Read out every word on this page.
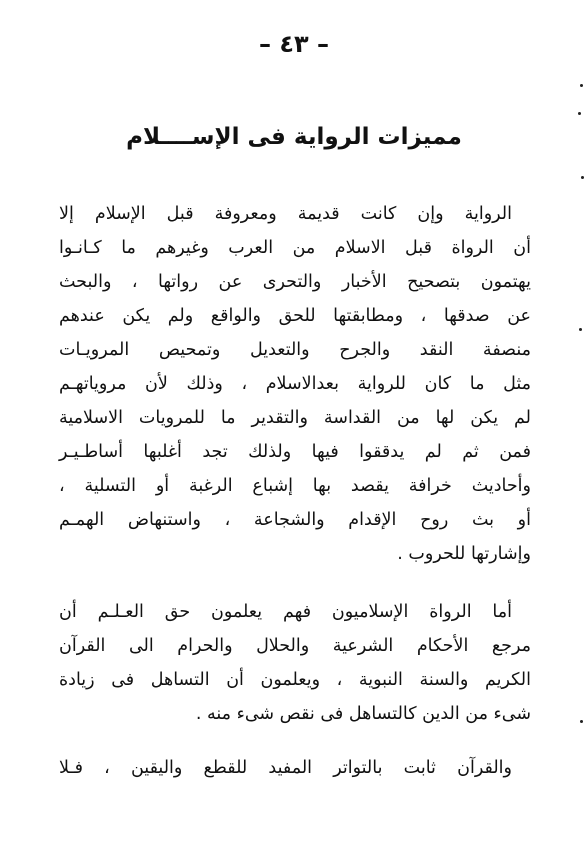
– ٤٣ –
مميزات الرواية فى الإســــلام
الرواية وإن كانت قديمة ومعروفة قبل الإسلام إلا
أن الرواة قبل الاسلام من العرب وغيرهم ما كـانـوا
يهتمون بتصحيح الأخبار والتحرى عن رواتها ، والبحث
عن صدقها ، ومطابقتها للحق والواقع ولم يكن عندهم
منصفة النقد والجرح والتعديل وتمحيص المرويـات
مثل ما كان للرواية بعدالاسلام ، وذلك لأن مروياتهـم
لم يكن لها من القداسة والتقدير ما للمرويات الاسلامية
فمن ثم لم يدققوا فيها ولذلك تجد أغلبها أساطـيـر
وأحاديث خرافة يقصد بها إشباع الرغبة أو التسلية ،
أو بث روح الإقدام والشجاعة ، واستنهاض الهمـم
وإشارتها للحروب .
أما الرواة الإسلاميون فهم يعلمون حق العـلـم أن
مرجع الأحكام الشرعية والحلال والحرام الى القرآن
الكريم والسنة النبوية ، ويعلمون أن التساهل فى زيادة
شىء من الدين كالتساهل فى نقص شىء منه .
والقرآن ثابت بالتواتر المفيد للقطع واليقين ، فـلا
